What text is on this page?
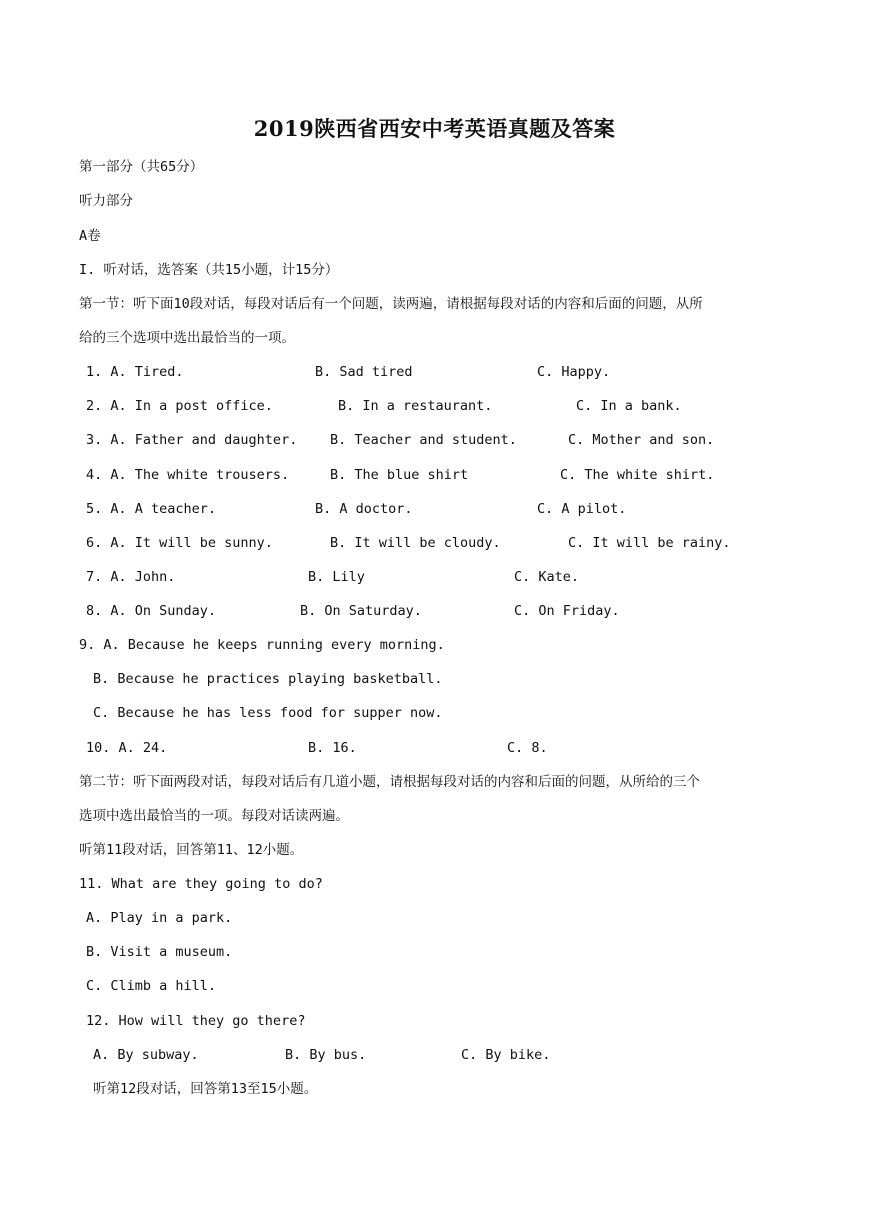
2019陕西省西安中考英语真题及答案
第一部分（共65分）
听力部分
A卷
I. 听对话，选答案（共15小题，计15分）
第一节：听下面10段对话，每段对话后有一个问题，读两遍，请根据每段对话的内容和后面的问题，从所
给的三个选项中选出最恰当的一项。
1. A. Tired.	B. Sad tired	C. Happy.
2. A. In a post office.	B. In a restaurant.	C. In a bank.
3. A. Father and daughter. B. Teacher and student.	C. Mother and son.
4. A. The white trousers.	B. The blue shirt	C. The white shirt.
5. A. A teacher.	B. A doctor.	C. A pilot.
6. A. It will be sunny.	B. It will be cloudy.	C. It will be rainy.
7. A. John.	B. Lily	C. Kate.
8. A. On Sunday.	B. On Saturday.	C. On Friday.
9. A. Because he keeps running every morning.
B. Because he practices playing basketball.
C. Because he has less food for supper now.
10. A. 24.	B. 16.	C. 8.
第二节：听下面两段对话，每段对话后有几道小题，请根据每段对话的内容和后面的问题，从所给的三个
选项中选出最恰当的一项。每段对话读两遍。
听第11段对话，回答第11、12小题。
11. What are they going to do?
A. Play in a park.
B. Visit a museum.
C. Climb a hill.
12. How will they go there?
A. By subway.	B. By bus.	C. By bike.
听第12段对话，回答第13至15小题。
